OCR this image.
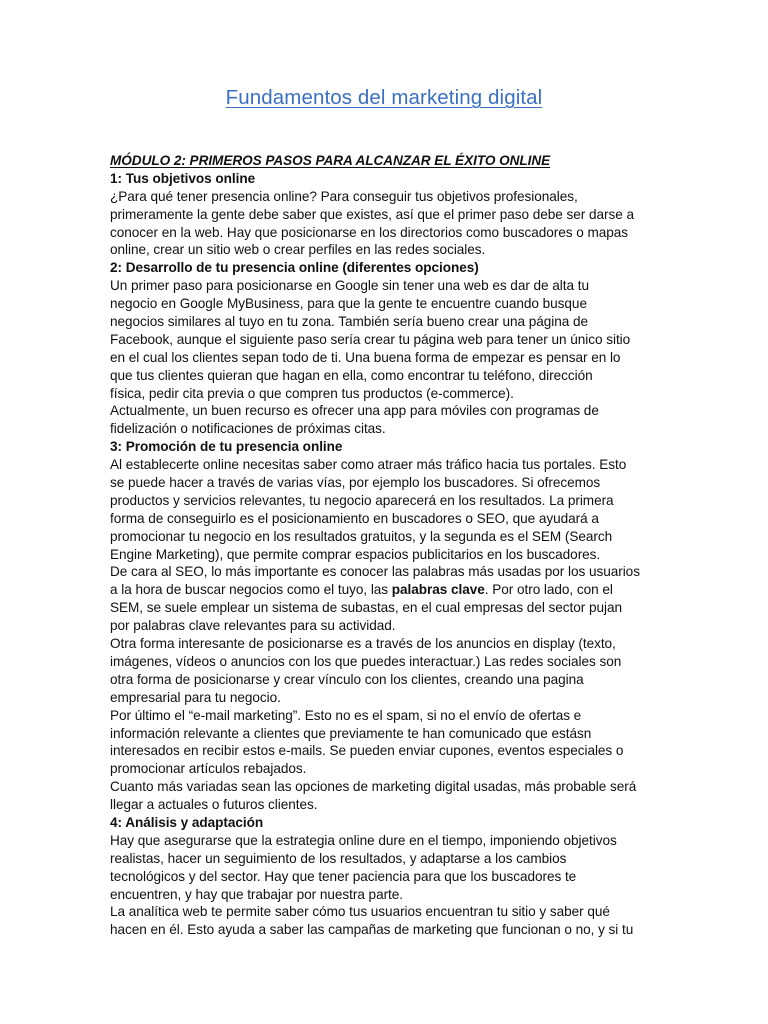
Fundamentos del marketing digital
MÓDULO 2: PRIMEROS PASOS PARA ALCANZAR EL ÉXITO ONLINE
1: Tus objetivos online
¿Para qué tener presencia online? Para conseguir tus objetivos profesionales,
primeramente la gente debe saber que existes, así que el primer paso debe ser darse a
conocer en la web. Hay que posicionarse en los directorios como buscadores o mapas
online, crear un sitio web o crear perfiles en las redes sociales.
2: Desarrollo de tu presencia online (diferentes opciones)
Un primer paso para posicionarse en Google sin tener una web es dar de alta tu
negocio en Google MyBusiness, para que la gente te encuentre cuando busque
negocios similares al tuyo en tu zona. También sería bueno crear una página de
Facebook, aunque el siguiente paso sería crear tu página web para tener un único sitio
en el cual los clientes sepan todo de ti. Una buena forma de empezar es pensar en lo
que tus clientes quieran que hagan en ella, como encontrar tu teléfono, dirección
física, pedir cita previa o que compren tus productos (e-commerce).
Actualmente, un buen recurso es ofrecer una app para móviles con programas de
fidelización o notificaciones de próximas citas.
3: Promoción de tu presencia online
Al establecerte online necesitas saber como atraer más tráfico hacia tus portales. Esto
se puede hacer a través de varias vías, por ejemplo los buscadores. Si ofrecemos
productos y servicios relevantes, tu negocio aparecerá en los resultados. La primera
forma de conseguirlo es el posicionamiento en buscadores o SEO, que ayudará a
promocionar tu negocio en los resultados gratuitos, y la segunda es el SEM (Search
Engine Marketing), que permite comprar espacios publicitarios en los buscadores.
De cara al SEO, lo más importante es conocer las palabras más usadas por los usuarios
a la hora de buscar negocios como el tuyo, las palabras clave. Por otro lado, con el
SEM, se suele emplear un sistema de subastas, en el cual empresas del sector pujan
por palabras clave relevantes para su actividad.
Otra forma interesante de posicionarse es a través de los anuncios en display (texto,
imágenes, vídeos o anuncios con los que puedes interactuar.) Las redes sociales son
otra forma de posicionarse y crear vínculo con los clientes, creando una pagina
empresarial para tu negocio.
Por último el “e-mail marketing”. Esto no es el spam, si no el envío de ofertas e
información relevante a clientes que previamente te han comunicado que estásn
interesados en recibir estos e-mails. Se pueden enviar cupones, eventos especiales o
promocionar artículos rebajados.
Cuanto más variadas sean las opciones de marketing digital usadas, más probable será
llegar a actuales o futuros clientes.
4: Análisis y adaptación
Hay que asegurarse que la estrategia online dure en el tiempo, imponiendo objetivos
realistas, hacer un seguimiento de los resultados, y adaptarse a los cambios
tecnológicos y del sector. Hay que tener paciencia para que los buscadores te
encuentren, y hay que trabajar por nuestra parte.
La analítica web te permite saber cómo tus usuarios encuentran tu sitio y saber qué
hacen en él. Esto ayuda a saber las campañas de marketing que funcionan o no, y si tu
